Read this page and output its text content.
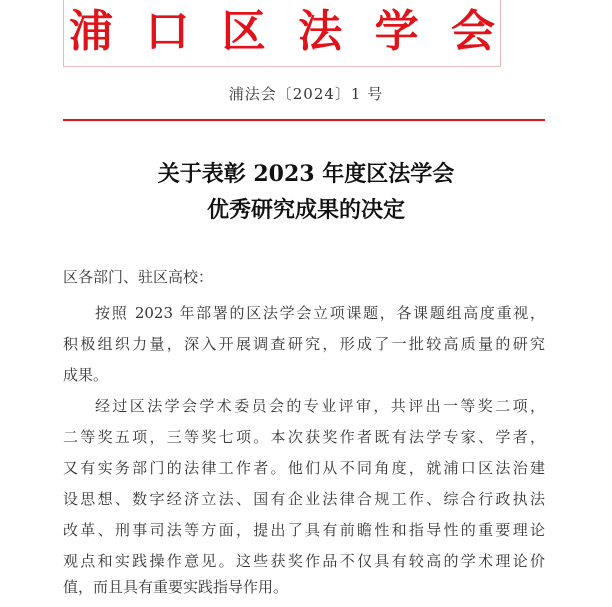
浦 口 区 法 学 会
浦法会〔2024〕1 号
关于表彰 2023 年度区法学会
优秀研究成果的决定
区各部门、驻区高校：
按照 2023 年部署的区法学会立项课题，各课题组高度重视，
积极组织力量，深入开展调查研究，形成了一批较高质量的研究
成果。
经过区法学会学术委员会的专业评审，共评出一等奖二项，
二等奖五项，三等奖七项。本次获奖作者既有法学专家、学者，
又有实务部门的法律工作者。他们从不同角度，就浦口区法治建
设思想、数字经济立法、国有企业法律合规工作、综合行政执法
改革、刑事司法等方面，提出了具有前瞻性和指导性的重要理论
观点和实践操作意见。这些获奖作品不仅具有较高的学术理论价
值，而且具有重要实践指导作用。
